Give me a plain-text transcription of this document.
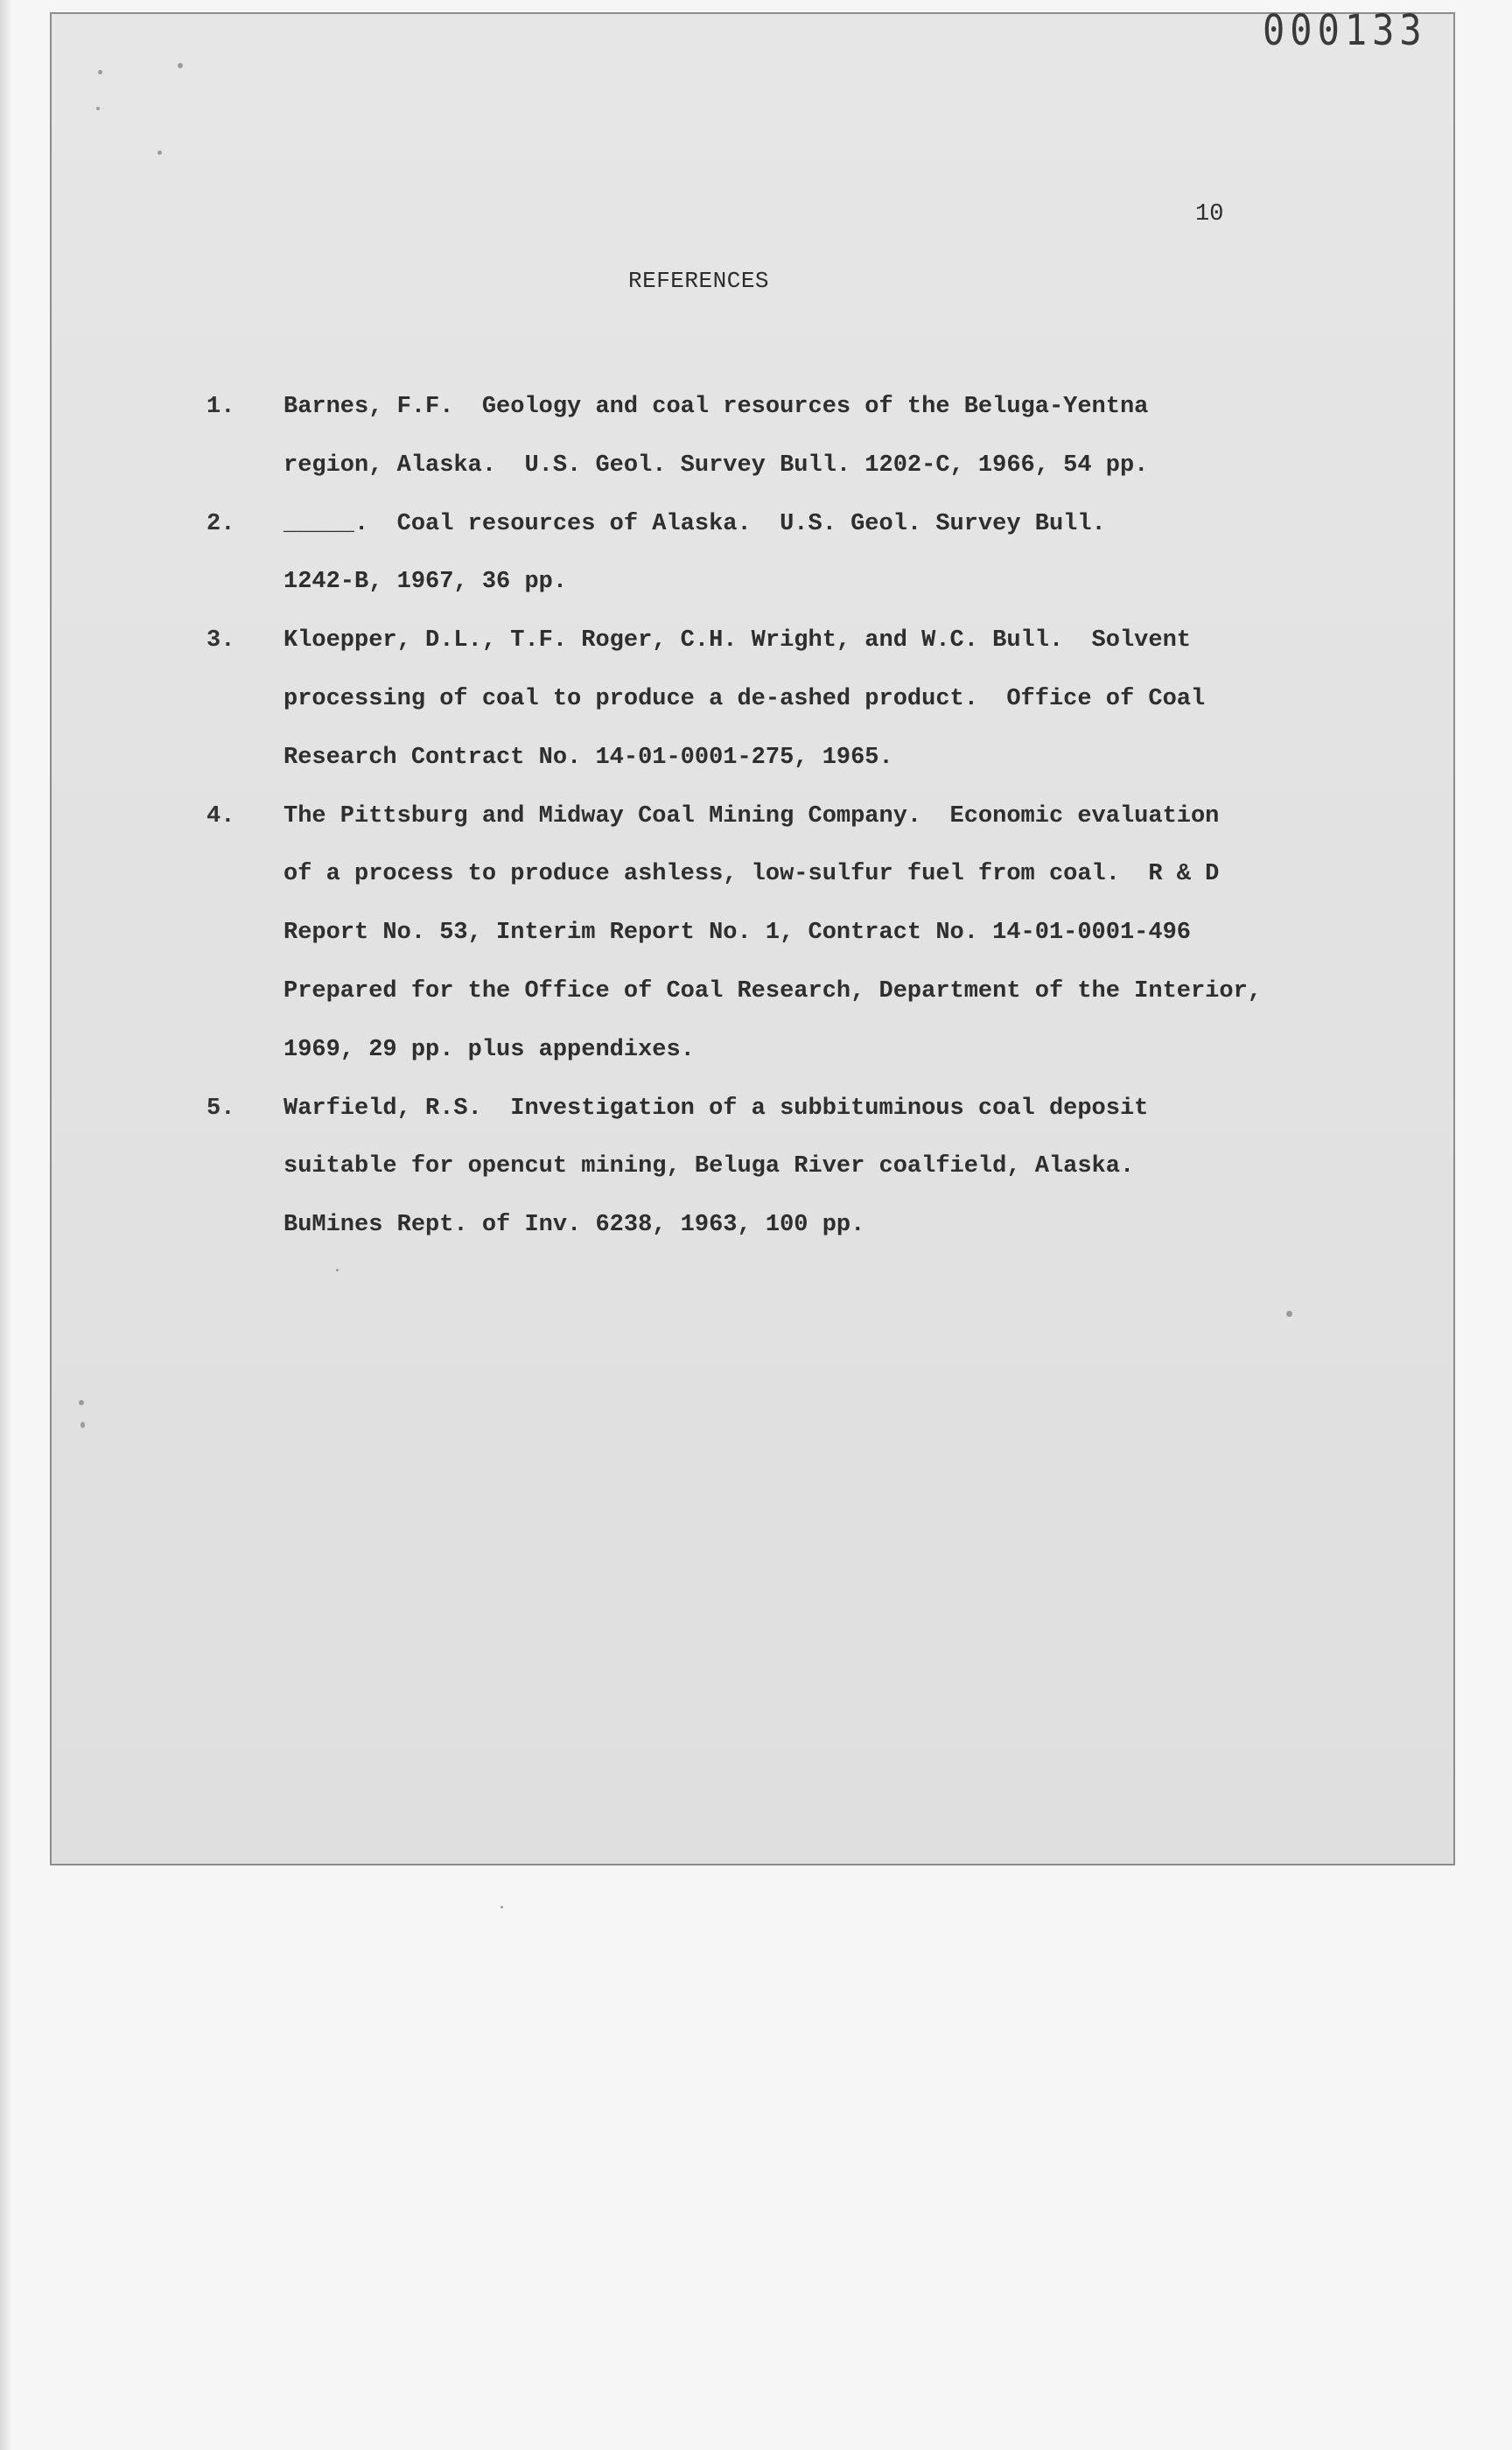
000133
10
REFERENCES
1.	Barnes, F.F.  Geology and coal resources of the Beluga-Yentna
region, Alaska.  U.S. Geol. Survey Bull. 1202-C, 1966, 54 pp.
2.	_____.  Coal resources of Alaska.  U.S. Geol. Survey Bull.
1242-B, 1967, 36 pp.
3.	Kloepper, D.L., T.F. Roger, C.H. Wright, and W.C. Bull.  Solvent
processing of coal to produce a de-ashed product.  Office of Coal
Research Contract No. 14-01-0001-275, 1965.
4.	The Pittsburg and Midway Coal Mining Company.  Economic evaluation
of a process to produce ashless, low-sulfur fuel from coal.  R & D
Report No. 53, Interim Report No. 1, Contract No. 14-01-0001-496
Prepared for the Office of Coal Research, Department of the Interior,
1969, 29 pp. plus appendixes.
5.	Warfield, R.S.  Investigation of a subbituminous coal deposit
suitable for opencut mining, Beluga River coalfield, Alaska.
BuMines Rept. of Inv. 6238, 1963, 100 pp.
